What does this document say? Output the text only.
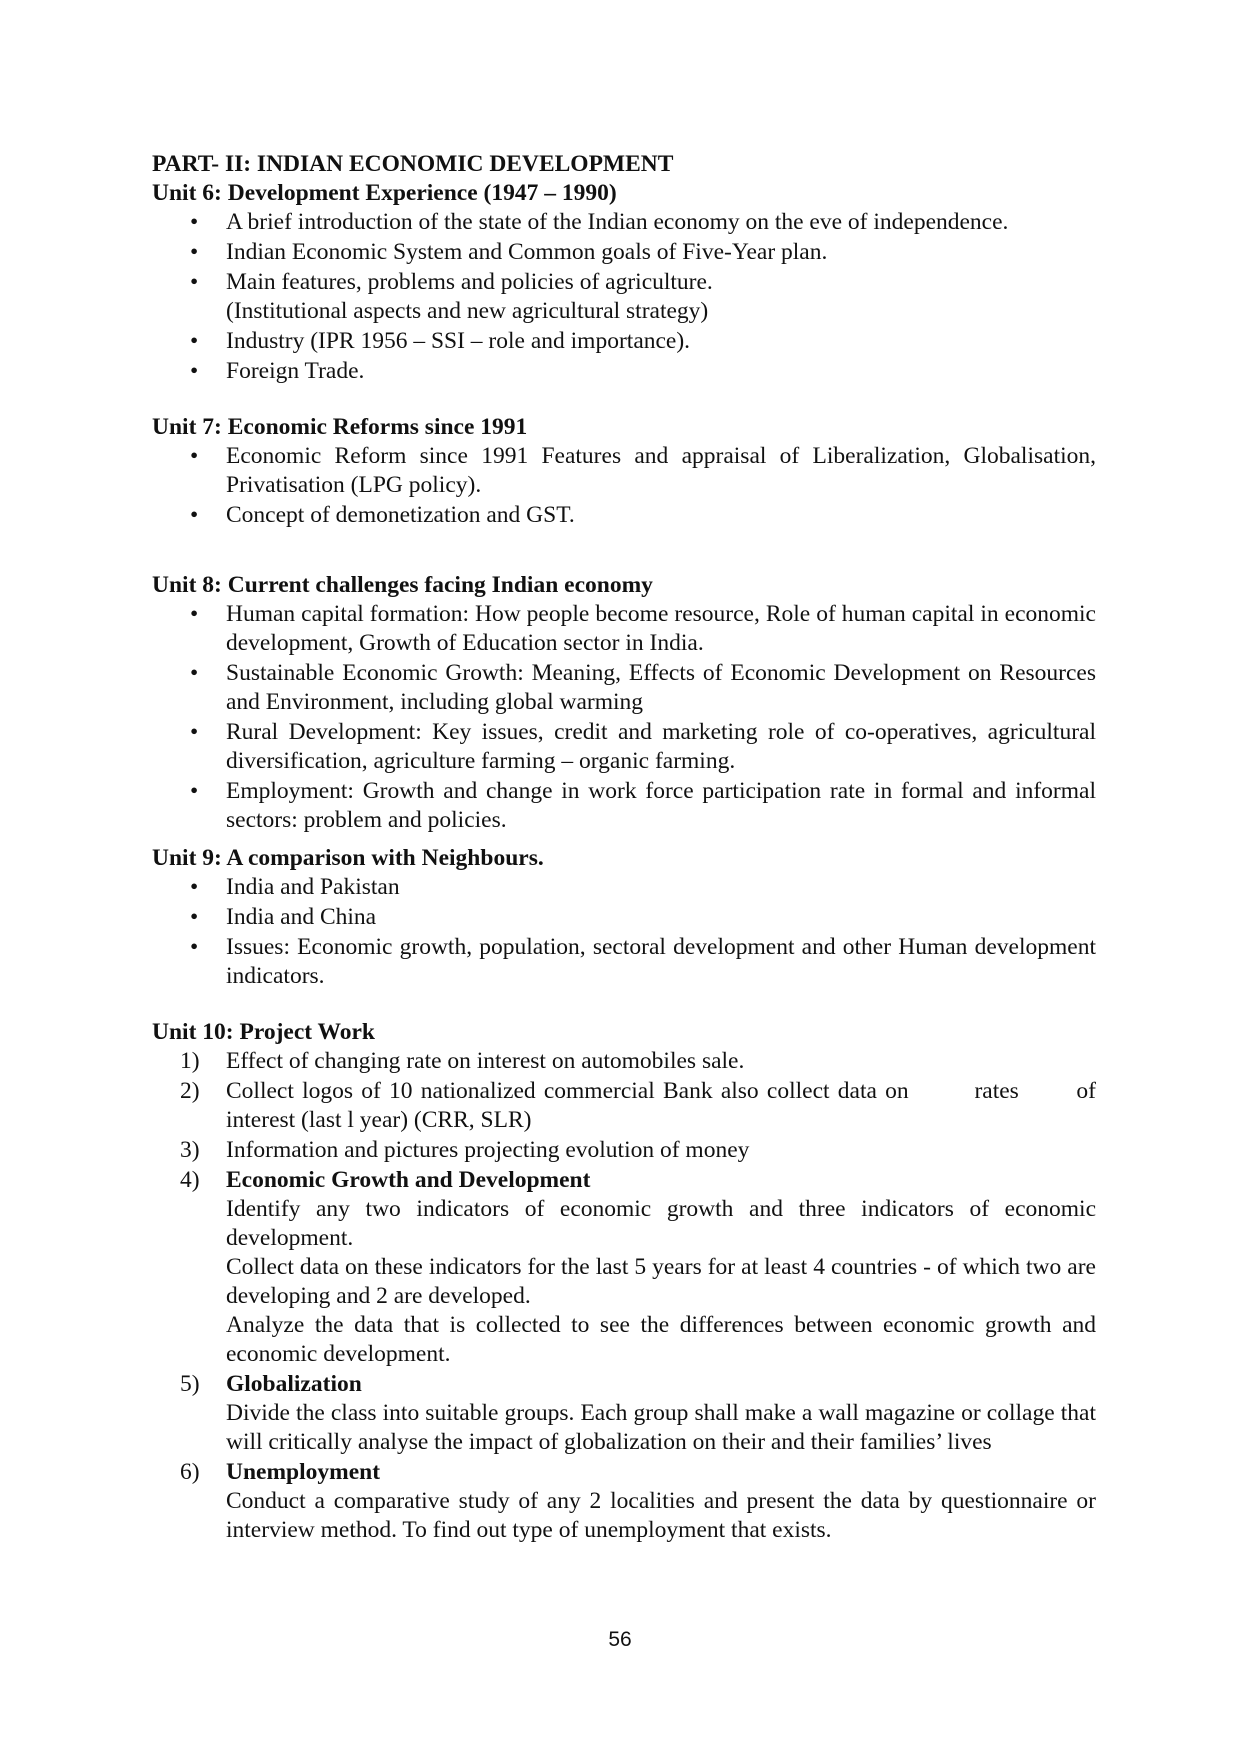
PART- II: INDIAN ECONOMIC DEVELOPMENT

Unit 6: Development Experience (1947 – 1990)

• A brief introduction of the state of the Indian economy on the eve of independence.
• Indian Economic System and Common goals of Five-Year plan.
• Main features, problems and policies of agriculture.
(Institutional aspects and new agricultural strategy)
• Industry (IPR 1956 – SSI – role and importance).
• Foreign Trade.

Unit 7: Economic Reforms since 1991

• Economic Reform since 1991 Features and appraisal of Liberalization, Globalisation, Privatisation (LPG policy).
• Concept of demonetization and GST.

Unit 8: Current challenges facing Indian economy

• Human capital formation: How people become resource, Role of human capital in economic development, Growth of Education sector in India.
• Sustainable Economic Growth: Meaning, Effects of Economic Development on Resources and Environment, including global warming
• Rural Development: Key issues, credit and marketing role of co-operatives, agricultural diversification, agriculture farming – organic farming.
• Employment: Growth and change in work force participation rate in formal and informal sectors: problem and policies.

Unit 9: A comparison with Neighbours.

• India and Pakistan
• India and China
• Issues: Economic growth, population, sectoral development and other Human development indicators.

Unit 10: Project Work

1) Effect of changing rate on interest on automobiles sale.
2) Collect logos of 10 nationalized commercial Bank also collect data on        rates       of
interest (last l year) (CRR, SLR)
3) Information and pictures projecting evolution of money
4) Economic Growth and Development
Identify any two indicators of economic growth and three indicators of economic development.
Collect data on these indicators for the last 5 years for at least 4 countries - of which two are developing and 2 are developed.
Analyze the data that is collected to see the differences between economic growth and economic development.
5) Globalization
Divide the class into suitable groups. Each group shall make a wall magazine or collage that will critically analyse the impact of globalization on their and their families’ lives
6) Unemployment
Conduct a comparative study of any 2 localities and present the data by questionnaire or interview method. To find out type of unemployment that exists.
56
